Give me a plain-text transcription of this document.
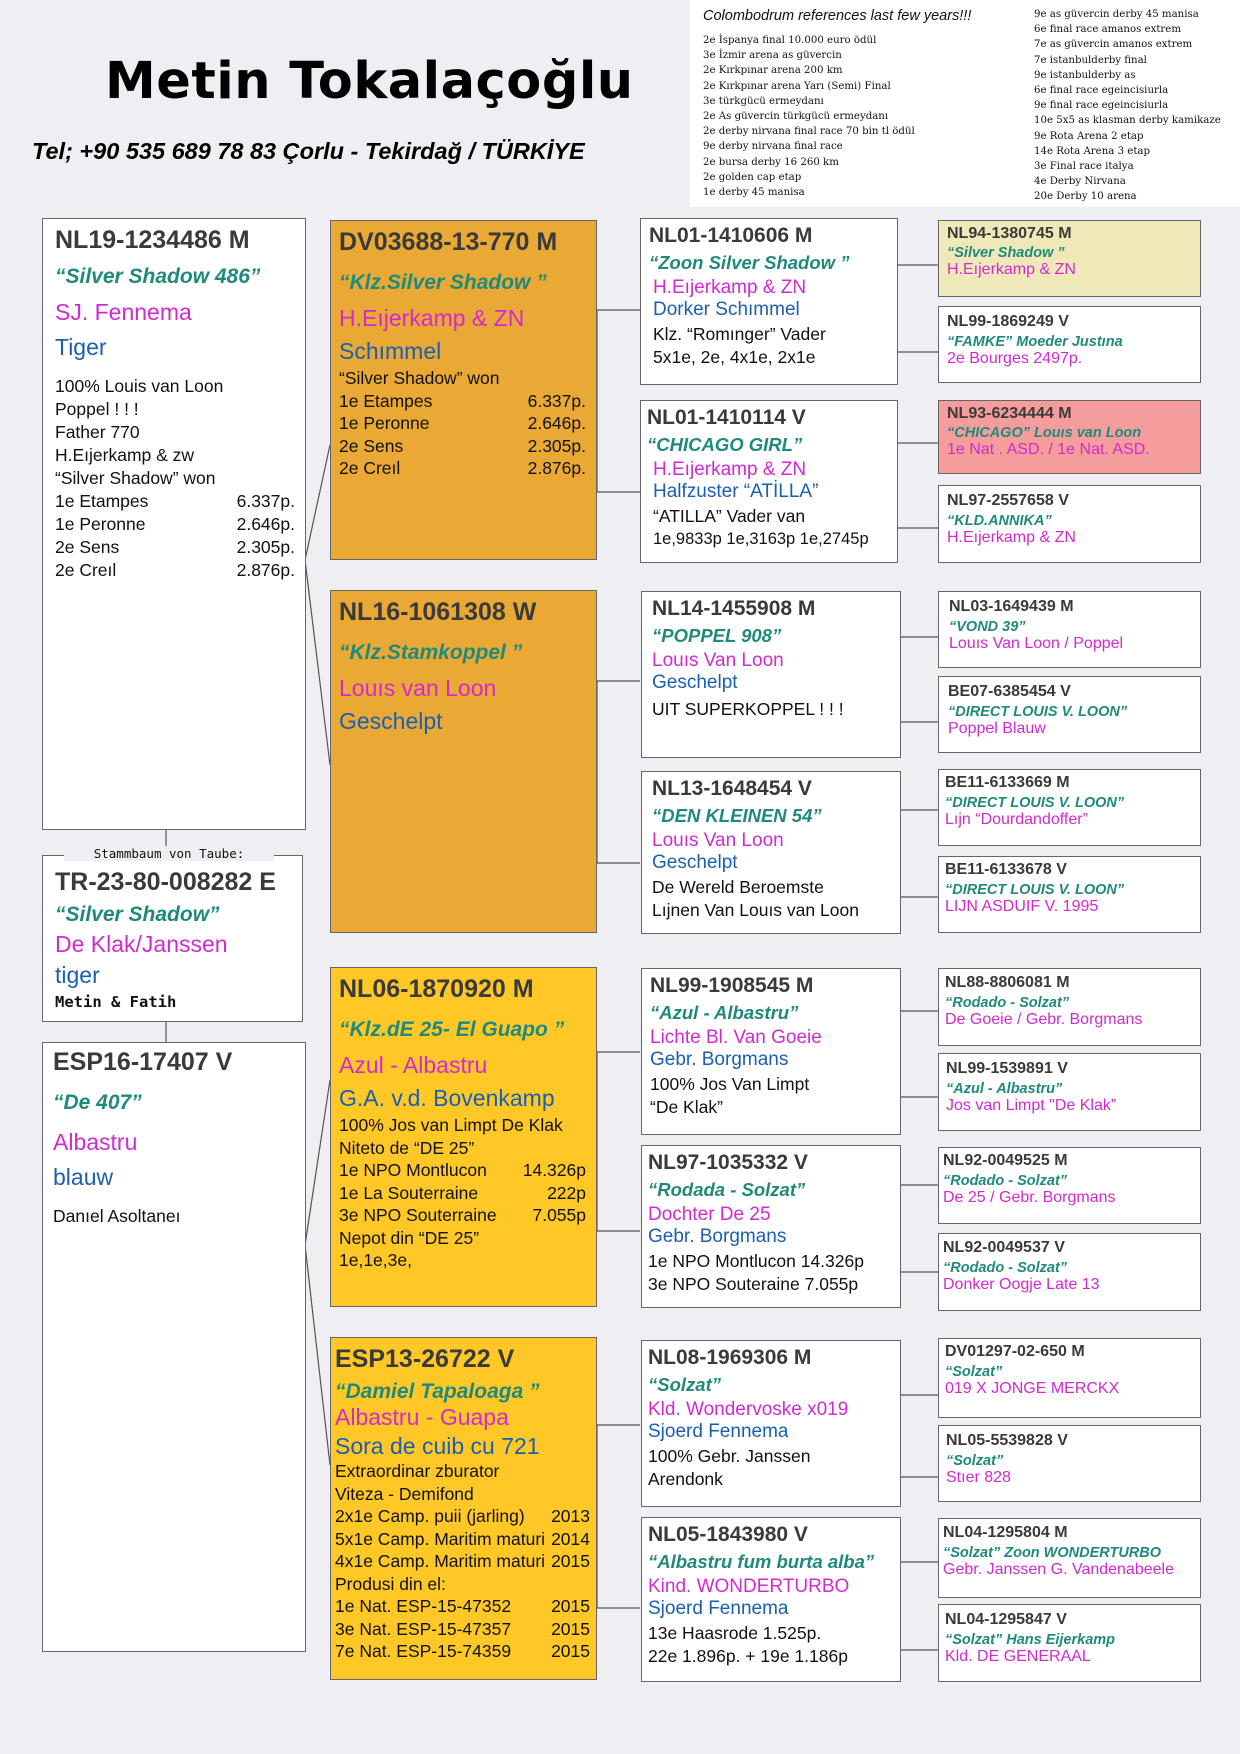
Metin Tokalaçoğlu
Tel; +90 535 689 78 83 Çorlu - Tekirdağ / TÜRKİYE
Colombodrum references last few years!!!
2e İspanya final 10.000 euro ödül
3e İzmir arena as güvercin
2e Kırkpınar arena 200 km
2e Kırkpınar arena Yarı (Semi) Final
3e türkgücü ermeydanı
2e As güvercin türkgücü ermeydanı
2e derby nirvana final race 70 bin tl ödül
9e derby nirvana final race
2e bursa derby 16 260 km
2e golden cap etap
1e derby 45 manisa
9e as güvercin derby 45 manisa
6e final race amanos extrem
7e as güvercin amanos extrem
7e istanbulderby final
9e istanbulderby as
6e final race egeincisiurla
9e final race egeincisiurla
10e 5x5 as klasman derby kamikaze
9e Rota Arena 2 etap
14e Rota Arena 3 etap
3e Final race italya
4e Derby Nirvana
20e Derby 10 arena
NL19-1234486 M
“Silver Shadow 486”
SJ. Fennema
Tiger
100% Louis van Loon
Poppel ! ! !
Father 770
H.Eıjerkamp & zw
“Silver Shadow” won
1e Etampes	6.337p.
1e Peronne	2.646p.
2e Sens	2.305p.
2e Creıl	2.876p.
TR-23-80-008282 E
“Silver Shadow”
De Klak/Janssen
tiger
Metin & Fatih
Stammbaum von Taube:
ESP16-17407 V
“De 407”
Albastru
blauw
Danıel Asoltaneı
DV03688-13-770 M
“Klz.Silver Shadow ”
H.Eıjerkamp & ZN
Schımmel
“Silver Shadow” won
1e Etampes	6.337p.
1e Peronne	2.646p.
2e Sens	2.305p.
2e Creıl	2.876p.
NL16-1061308 W
“Klz.Stamkoppel ”
Louıs van Loon
Geschelpt
NL06-1870920 M
“Klz.dE 25- El Guapo ”
Azul - Albastru
G.A. v.d. Bovenkamp
100% Jos van Limpt De Klak
Niteto de “DE 25”
1e NPO Montlucon 14.326p
1e La Souterraine	222p
3e NPO Souterraine 7.055p
Nepot din “DE 25”
1e,1e,3e,
ESP13-26722 V
“Damiel Tapaloaga ”
Albastru - Guapa
Sora de cuib cu 721
Extraordinar zburator
Viteza - Demifond
2x1e Camp. puii (jarling) 2013
5x1e Camp. Maritim maturi 2014
4x1e Camp. Maritim maturi 2015
Produsi din el:
1e Nat. ESP-15-47352 2015
3e Nat. ESP-15-47357 2015
7e Nat. ESP-15-74359 2015
NL01-1410606 M
“Zoon Silver Shadow ”
H.Eıjerkamp & ZN
Dorker Schımmel
Klz. “Romınger” Vader
5x1e, 2e, 4x1e, 2x1e
NL01-1410114 V
“CHICAGO GIRL”
H.Eıjerkamp & ZN
Halfzuster “ATİLLA”
“ATILLA” Vader van
1e,9833p 1e,3163p 1e,2745p
NL14-1455908 M
“POPPEL 908”
Louıs Van Loon
Geschelpt
UIT SUPERKOPPEL ! ! !
NL13-1648454 V
“DEN KLEINEN 54”
Louıs Van Loon
Geschelpt
De Wereld Beroemste
Lıjnen Van Louıs van Loon
NL99-1908545 M
“Azul - Albastru”
Lichte Bl. Van Goeie
Gebr. Borgmans
100% Jos Van Limpt
“De Klak”
NL97-1035332 V
“Rodada - Solzat”
Dochter De 25
Gebr. Borgmans
1e NPO Montlucon 14.326p
3e NPO Souteraine 7.055p
NL08-1969306 M
“Solzat”
Kld. Wondervoske x019
Sjoerd Fennema
100% Gebr. Janssen
Arendonk
NL05-1843980 V
“Albastru fum burta alba”
Kind. WONDERTURBO
Sjoerd Fennema
13e Haasrode 1.525p.
22e 1.896p. + 19e 1.186p
NL94-1380745 M
“Silver Shadow ”
H.Eıjerkamp & ZN
NL99-1869249 V
“FAMKE” Moeder Justına
2e Bourges 2497p.
NL93-6234444 M
“CHICAGO” Louıs van Loon
1e Nat . ASD. / 1e Nat. ASD.
NL97-2557658 V
“KLD.ANNIKA”
H.Eıjerkamp & ZN
NL03-1649439 M
“VOND 39”
Louıs Van Loon / Poppel
BE07-6385454 V
“DIRECT LOUIS V. LOON”
Poppel Blauw
BE11-6133669 M
“DIRECT LOUIS V. LOON”
Lıjn “Dourdandoffer”
BE11-6133678 V
“DIRECT LOUIS V. LOON”
LIJN ASDUIF V. 1995
NL88-8806081 M
“Rodado - Solzat”
De Goeie / Gebr. Borgmans
NL99-1539891 V
“Azul - Albastru”
Jos van Limpt "De Klak”
NL92-0049525 M
“Rodado - Solzat”
De 25 / Gebr. Borgmans
NL92-0049537 V
“Rodado - Solzat”
Donker Oogje Late 13
DV01297-02-650 M
“Solzat”
019 X JONGE MERCKX
NL05-5539828 V
“Solzat”
Stıer 828
NL04-1295804 M
“Solzat” Zoon WONDERTURBO
Gebr. Janssen G. Vandenabeele
NL04-1295847 V
“Solzat” Hans Eijerkamp
Kld. DE GENERAAL
